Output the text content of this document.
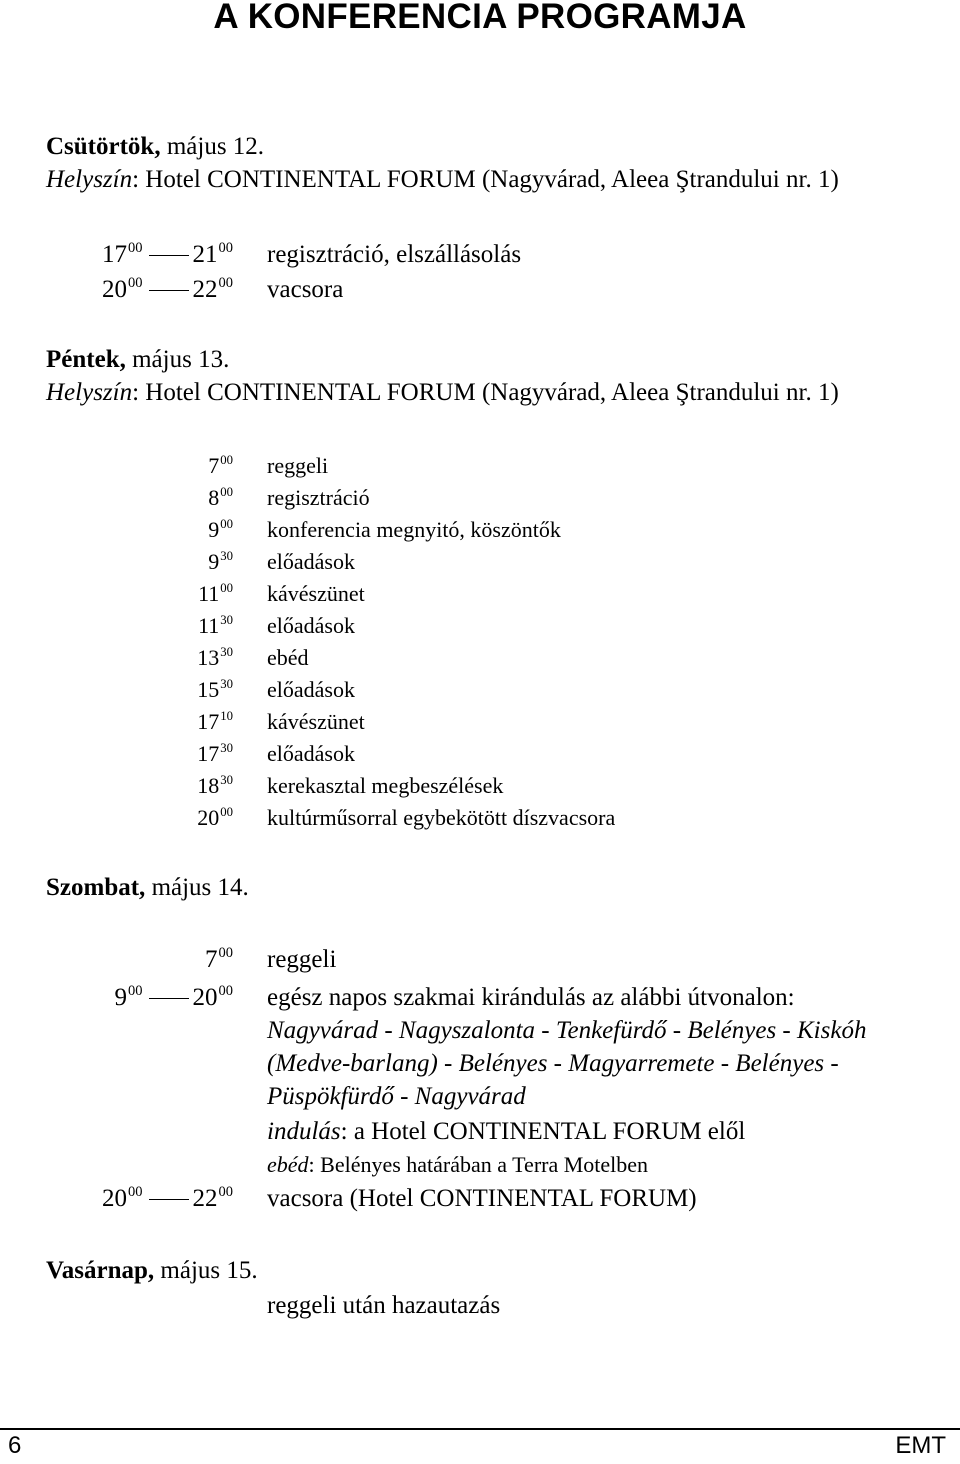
A KONFERENCIA PROGRAMJA
Csütörtök, május 12.
Helyszín: Hotel CONTINENTAL FORUM (Nagyvárad, Aleea Ştrandului nr. 1)
$17^{00}$ $21^{00}$ regisztráció, elszállásolás
$20^{00}$ $22^{00}$ vacsora
Péntek, május 13.
Helyszín: Hotel CONTINENTAL FORUM (Nagyvárad, Aleea Ştrandului nr. 1)
$7^{00}$ reggeli
$8^{00}$ regisztráció
$9^{00}$ konferencia megnyitó, köszöntők
$9^{30}$ előadások
$11^{00}$ kávészünet
$11^{30}$ előadások
$13^{30}$ ebéd
$15^{30}$ előadások
$17^{10}$ kávészünet
$17^{30}$ előadások
$18^{30}$ kerekasztal megbeszélések
$20^{00}$ kultúrműsorral egybekötött díszvacsora
Szombat, május 14.
$7^{00}$ reggeli
$9^{00}$ $20^{00}$ egész napos szakmai kirándulás az alábbi útvonalon:
Nagyvárad - Nagyszalonta - Tenkefürdő - Belényes - Kiskóh
(Medve-barlang) - Belényes - Magyarremete - Belényes -
Püspökfürdő - Nagyvárad
indulás: a Hotel CONTINENTAL FORUM elől
ebéd: Belényes határában a Terra Motelben
$20^{00}$ $22^{00}$ vacsora (Hotel CONTINENTAL FORUM)
Vasárnap, május 15.
reggeli után hazautazás
6	EMT
